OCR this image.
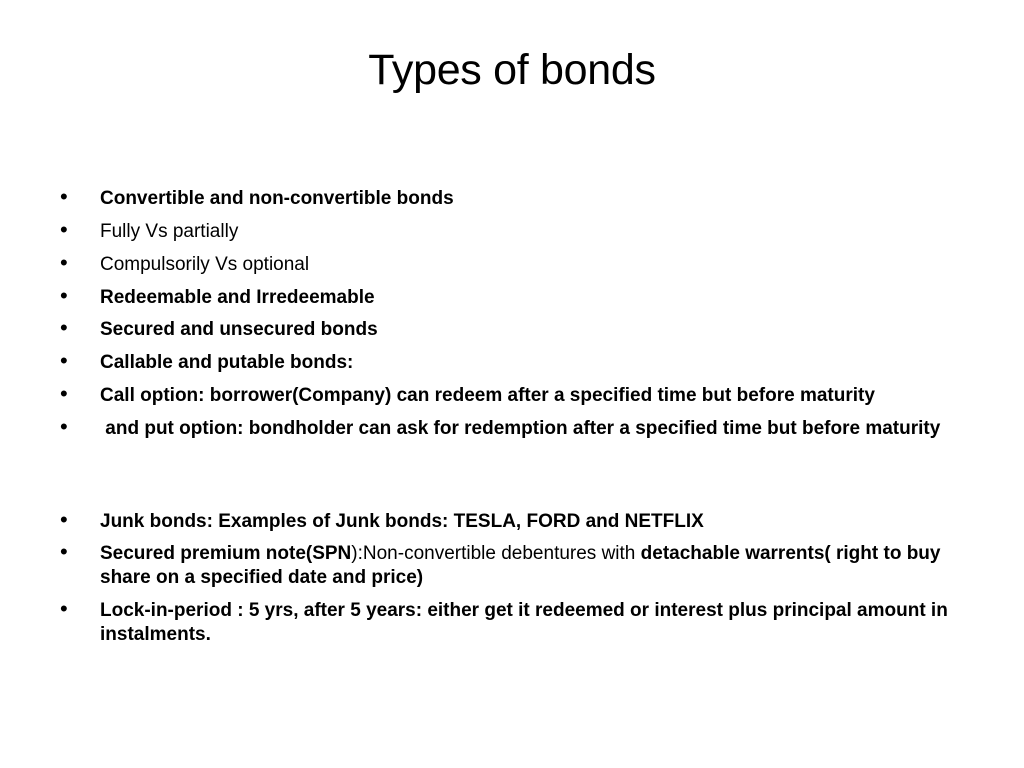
Types of bonds
• Convertible and non-convertible bonds
• Fully Vs partially
• Compulsorily Vs optional
• Redeemable and Irredeemable
• Secured and unsecured bonds
• Callable and putable bonds:
• Call option: borrower(Company) can redeem after a specified time but before maturity
• and put option: bondholder can ask for redemption after a specified time but before maturity
• Junk bonds: Examples of Junk bonds: TESLA, FORD and NETFLIX
• Secured premium note(SPN):Non-convertible debentures with detachable warrents( right to buy share on a specified date and price)
• Lock-in-period : 5 yrs, after 5 years: either get it redeemed or interest plus principal amount in instalments.
